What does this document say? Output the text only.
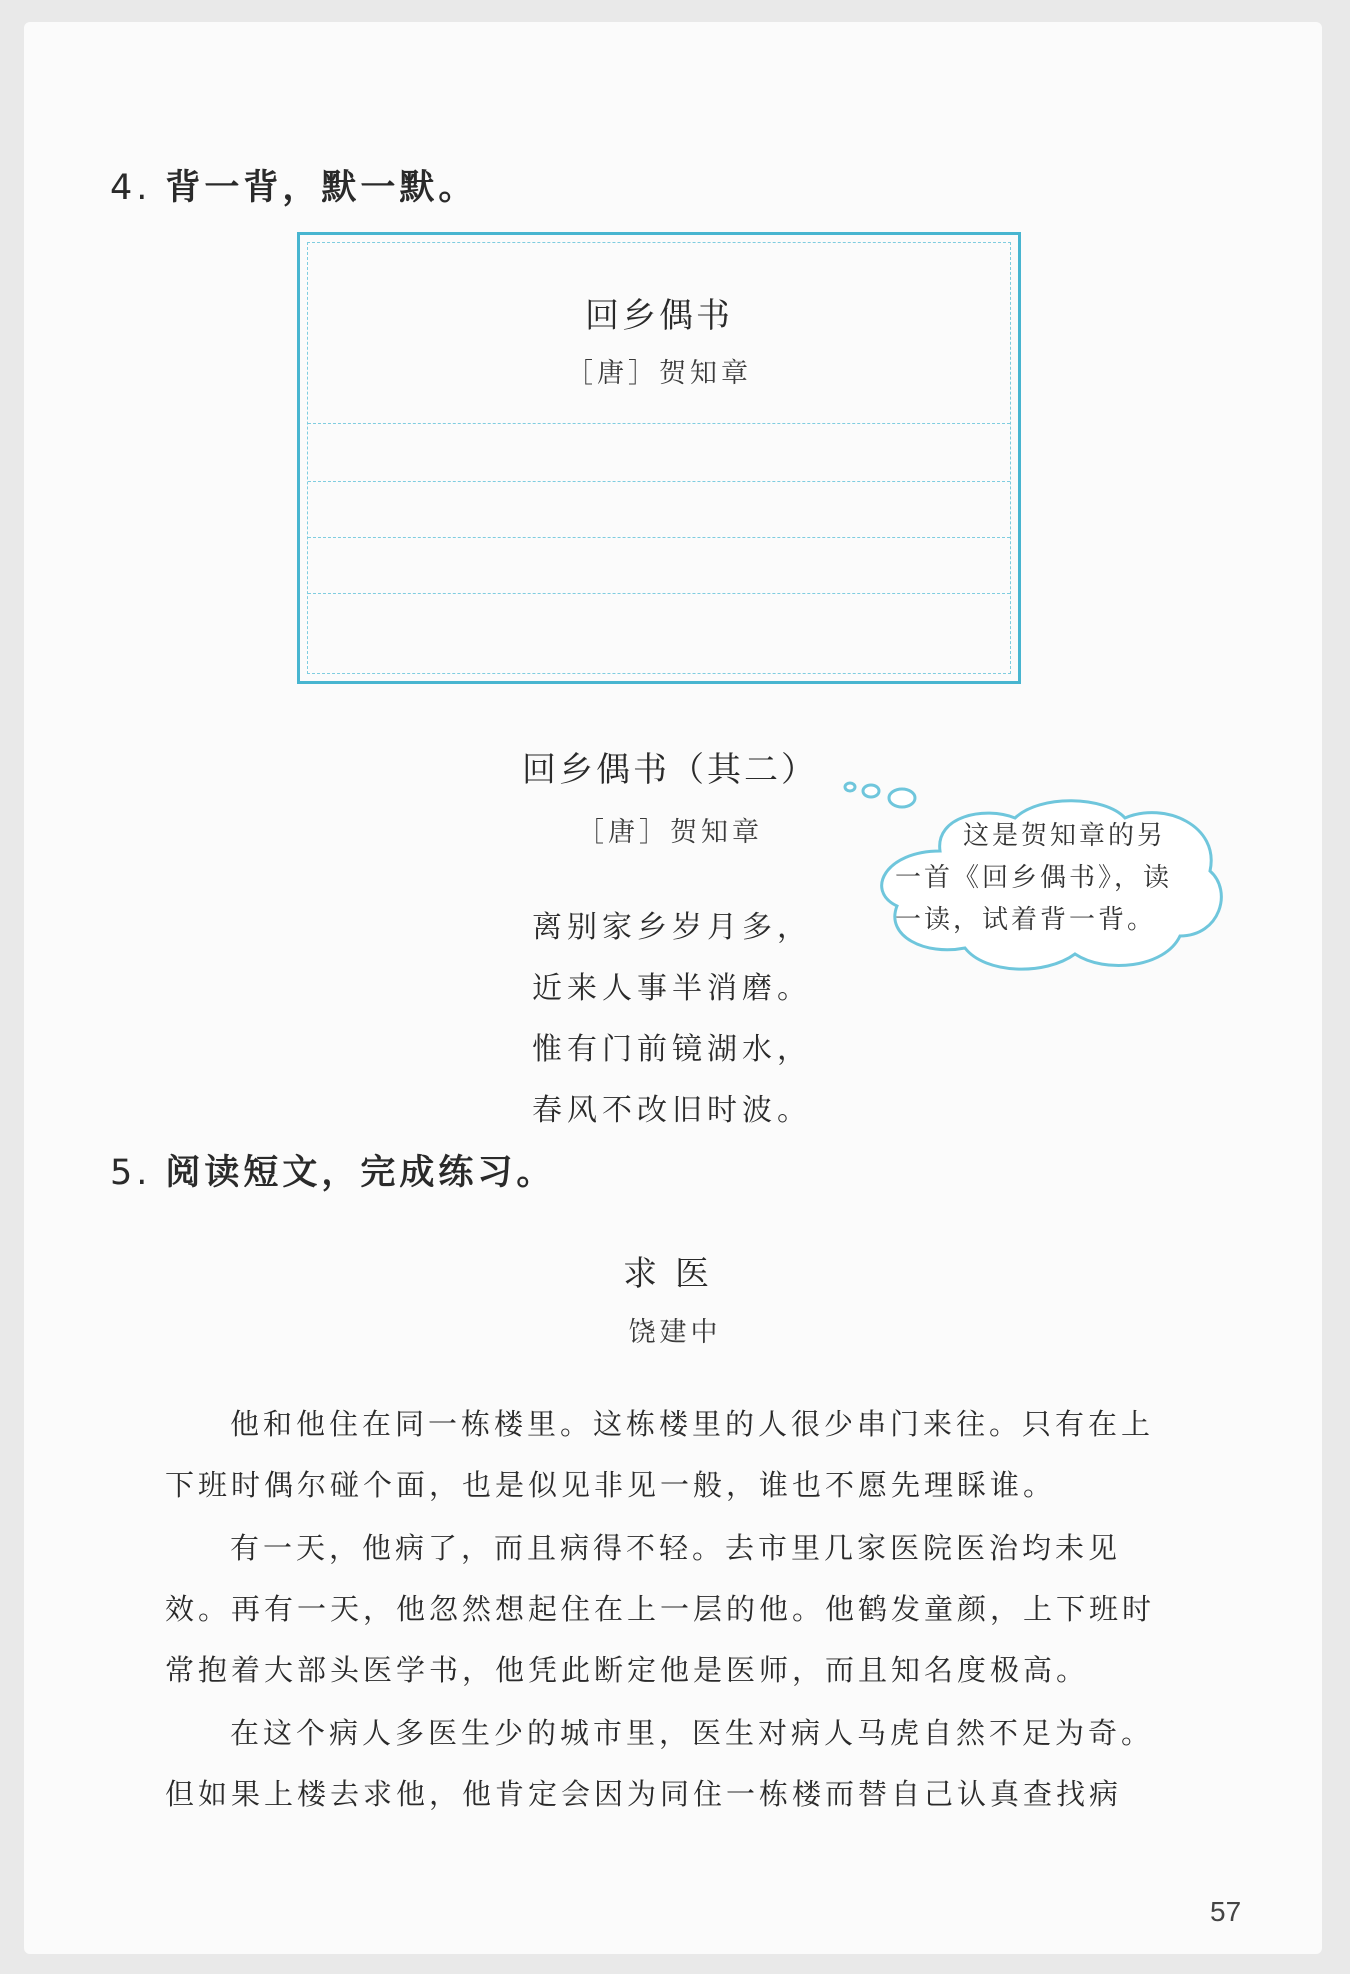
4. 背一背，默一默。
回乡偶书
［唐］贺知章
回乡偶书（其二）
［唐］贺知章
离别家乡岁月多，
近来人事半消磨。
惟有门前镜湖水，
春风不改旧时波。
这是贺知章的另
一首《回乡偶书》，读
一读，试着背一背。
5. 阅读短文，完成练习。
求医
饶建中
他和他住在同一栋楼里。这栋楼里的人很少串门来往。只有在上
下班时偶尔碰个面，也是似见非见一般，谁也不愿先理睬谁。
有一天，他病了，而且病得不轻。去市里几家医院医治均未见
效。再有一天，他忽然想起住在上一层的他。他鹤发童颜，上下班时
常抱着大部头医学书，他凭此断定他是医师，而且知名度极高。
在这个病人多医生少的城市里，医生对病人马虎自然不足为奇。
但如果上楼去求他，他肯定会因为同住一栋楼而替自己认真查找病
57
